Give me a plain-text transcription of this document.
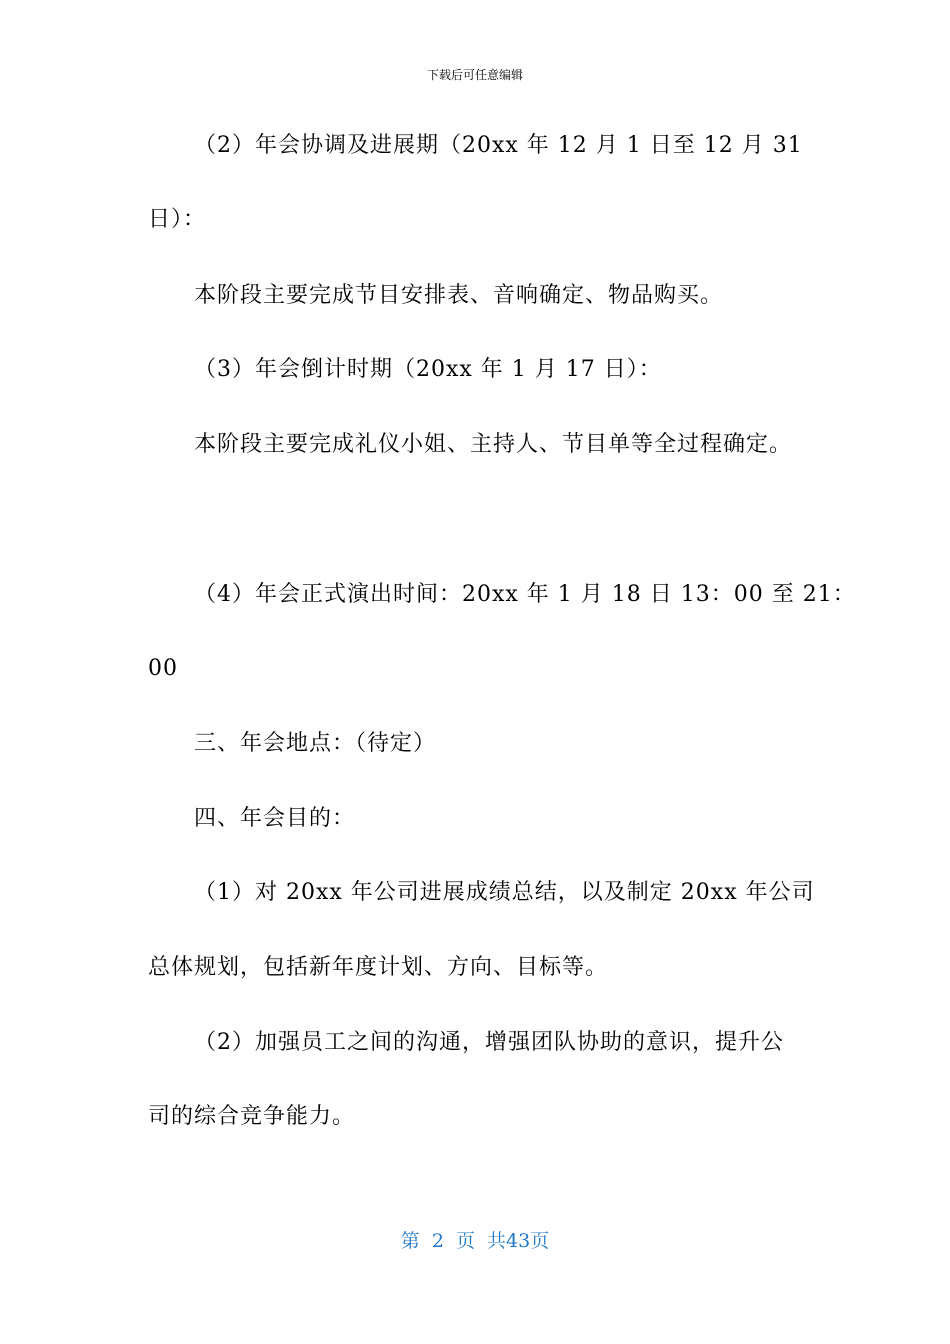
下载后可任意编辑
（2）年会协调及进展期（20xx 年 12 月 1 日至 12 月 31
日）：
本阶段主要完成节目安排表、音响确定、物品购买。
（3）年会倒计时期（20xx 年 1 月 17 日）：
本阶段主要完成礼仪小姐、主持人、节目单等全过程确定。
（4）年会正式演出时间：20xx 年 1 月 18 日 13：00 至 21：
00
三、年会地点：（待定）
四、年会目的：
（1）对 20xx 年公司进展成绩总结，以及制定 20xx 年公司
总体规划，包括新年度计划、方向、目标等。
（2）加强员工之间的沟通，增强团队协助的意识，提升公
司的综合竞争能力。
第 2 页 共43页
